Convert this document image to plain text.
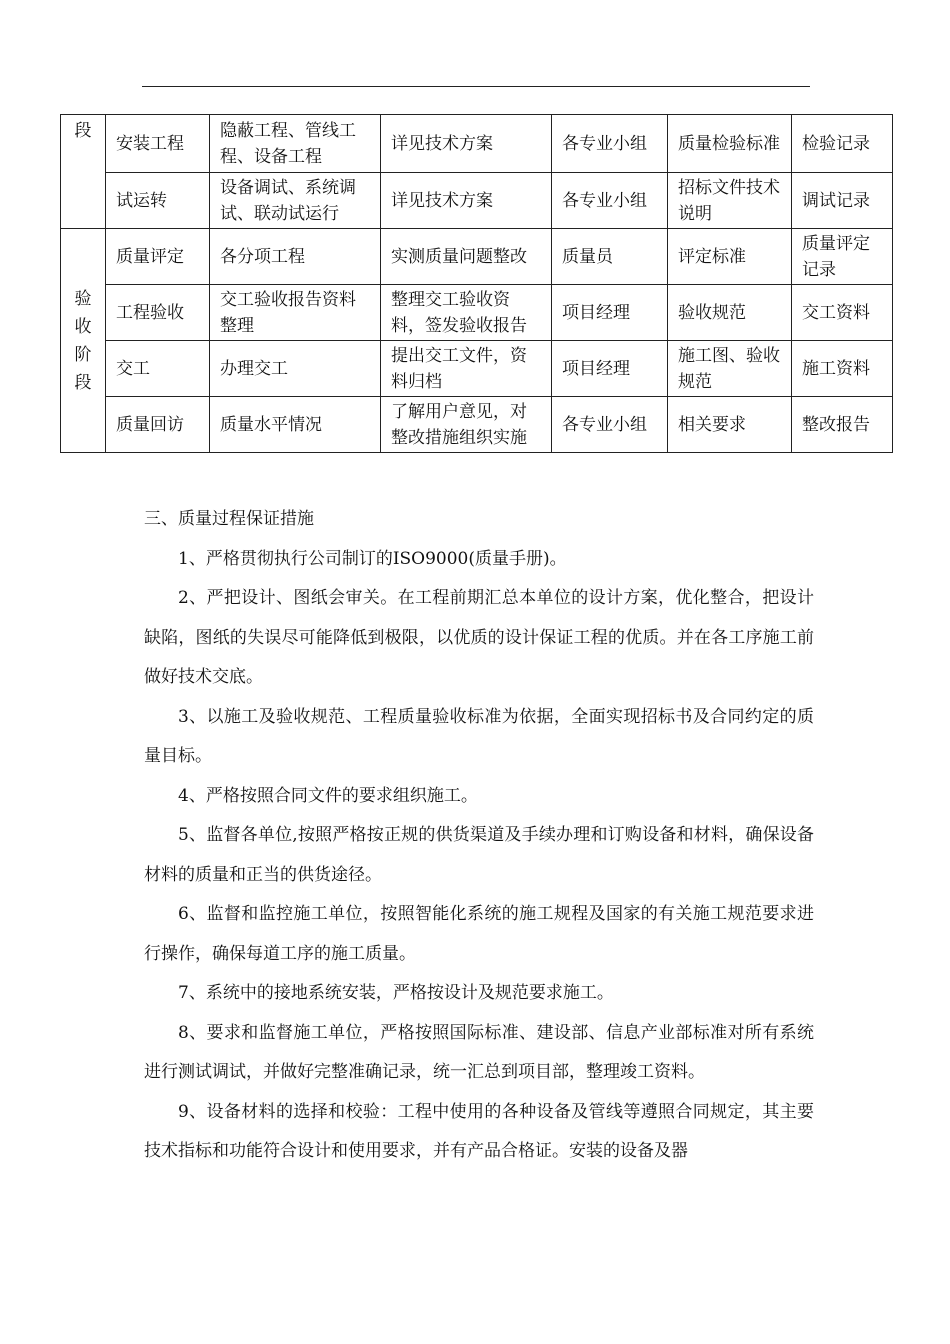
段	安装工程	隐蔽工程、管线工程、设备工程	详见技术方案	各专业小组	质量检验标准	检验记录
	试运转	设备调试、系统调试、联动试运行	详见技术方案	各专业小组	招标文件技术说明	调试记录
验收阶段	质量评定	各分项工程	实测质量问题整改	质量员	评定标准	质量评定记录
	工程验收	交工验收报告资料整理	整理交工验收资料，签发验收报告	项目经理	验收规范	交工资料
	交工	办理交工	提出交工文件，资料归档	项目经理	施工图、验收规范	施工资料
	质量回访	质量水平情况	了解用户意见，对整改措施组织实施	各专业小组	相关要求	整改报告

三、质量过程保证措施

1、严格贯彻执行公司制订的ISO9000(质量手册)。

2、严把设计、图纸会审关。在工程前期汇总本单位的设计方案，优化整合，把设计缺陷，图纸的失误尽可能降低到极限，以优质的设计保证工程的优质。并在各工序施工前做好技术交底。

3、以施工及验收规范、工程质量验收标准为依据，全面实现招标书及合同约定的质量目标。

4、严格按照合同文件的要求组织施工。

5、监督各单位,按照严格按正规的供货渠道及手续办理和订购设备和材料，确保设备材料的质量和正当的供货途径。

6、监督和监控施工单位，按照智能化系统的施工规程及国家的有关施工规范要求进行操作，确保每道工序的施工质量。

7、系统中的接地系统安装，严格按设计及规范要求施工。

8、要求和监督施工单位，严格按照国际标准、建设部、信息产业部标准对所有系统进行测试调试，并做好完整准确记录，统一汇总到项目部，整理竣工资料。

9、设备材料的选择和校验：工程中使用的各种设备及管线等遵照合同规定，其主要技术指标和功能符合设计和使用要求，并有产品合格证。安装的设备及器
